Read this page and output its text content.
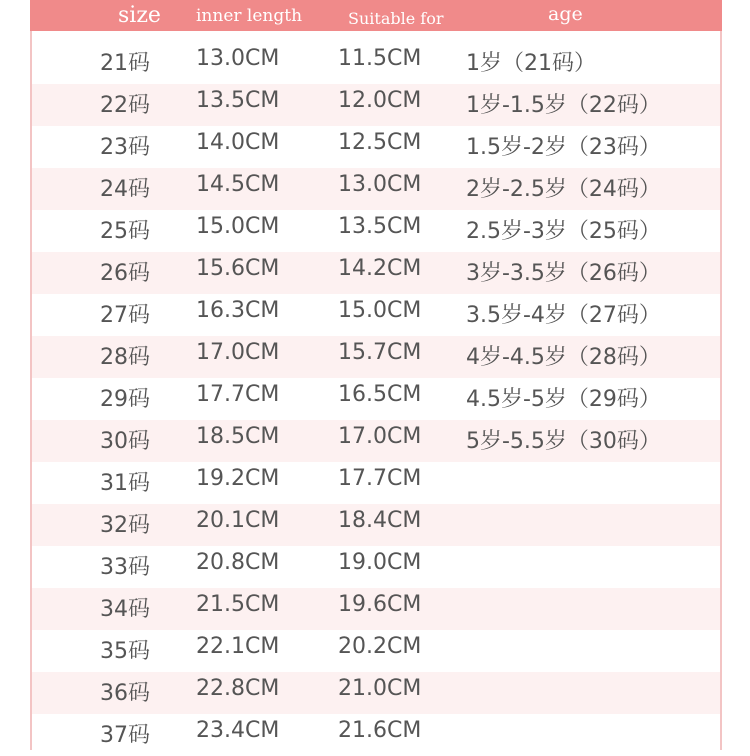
size inner length	Suitable for	age
21码 13.0CM	11.5CM 1岁（21码）
22码 13.5CM	12.0CM 1岁-1.5岁（22码）
23码 14.0CM	12.5CM 1.5岁-2岁（23码）
24码 14.5CM	13.0CM 2岁-2.5岁（24码）
25码 15.0CM	13.5CM 2.5岁-3岁（25码）
26码 15.6CM	14.2CM 3岁-3.5岁（26码）
27码 16.3CM	15.0CM 3.5岁-4岁（27码）
28码 17.0CM	15.7CM 4岁-4.5岁（28码）
29码 17.7CM	16.5CM 4.5岁-5岁（29码）
30码 18.5CM	17.0CM 5岁-5.5岁（30码）
31码 19.2CM	17.7CM
32码 20.1CM	18.4CM
33码 20.8CM	19.0CM
34码 21.5CM	19.6CM
35码 22.1CM	20.2CM
36码 22.8CM	21.0CM
37码 23.4CM	21.6CM
